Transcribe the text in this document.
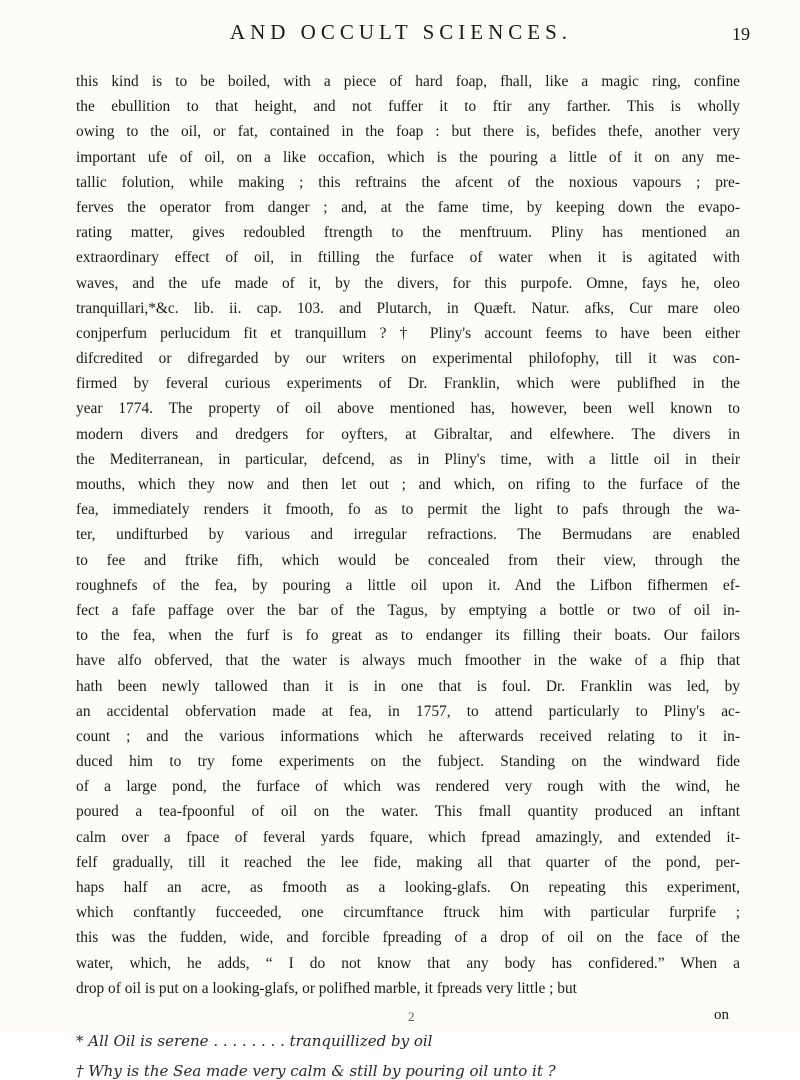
AND OCCULT SCIENCES.	19
this kind is to be boiled, with a piece of hard foap, fhall, like a magic ring, confine
the ebullition to that height, and not fuffer it to ftir any farther. This is wholly
owing to the oil, or fat, contained in the foap : but there is, befides thefe, another very
important ufe of oil, on a like occafion, which is the pouring a little of it on any me-
tallic folution, while making ; this reftrains the afcent of the noxious vapours ; pre-
ferves the operator from danger ; and, at the fame time, by keeping down the evapo-
rating matter, gives redoubled ftrength to the menftruum. Pliny has mentioned an
extraordinary effect of oil, in ftilling the furface of water when it is agitated with
waves, and the ufe made of it, by the divers, for this purpofe. Omne, fays he, oleo
tranquillari,*&c. lib. ii. cap. 103. and Plutarch, in Quæft. Natur. afks, Cur mare oleo
conjperfum perlucidum fit et tranquillum ? † Pliny's account feems to have been either
difcredited or difregarded by our writers on experimental philofophy, till it was con-
firmed by feveral curious experiments of Dr. Franklin, which were publifhed in the
year 1774. The property of oil above mentioned has, however, been well known to
modern divers and dredgers for oyfters, at Gibraltar, and elfewhere. The divers in
the Mediterranean, in particular, defcend, as in Pliny's time, with a little oil in their
mouths, which they now and then let out ; and which, on rifing to the furface of the
fea, immediately renders it fmooth, fo as to permit the light to pafs through the wa-
ter, undifturbed by various and irregular refractions. The Bermudans are enabled
to fee and ftrike fifh, which would be concealed from their view, through the
roughnefs of the fea, by pouring a little oil upon it. And the Lifbon fifhermen ef-
fect a fafe paffage over the bar of the Tagus, by emptying a bottle or two of oil in-
to the fea, when the furf is fo great as to endanger its filling their boats. Our failors
have alfo obferved, that the water is always much fmoother in the wake of a fhip that
hath been newly tallowed than it is in one that is foul. Dr. Franklin was led, by
an accidental obfervation made at fea, in 1757, to attend particularly to Pliny's ac-
count ; and the various informations which he afterwards received relating to it in-
duced him to try fome experiments on the fubject. Standing on the windward fide
of a large pond, the furface of which was rendered very rough with the wind, he
poured a tea-fpoonful of oil on the water. This fmall quantity produced an inftant
calm over a fpace of feveral yards fquare, which fpread amazingly, and extended it-
felf gradually, till it reached the lee fide, making all that quarter of the pond, per-
haps half an acre, as fmooth as a looking-glafs. On repeating this experiment,
which conftantly fucceeded, one circumftance ftruck him with particular furprife ;
this was the fudden, wide, and forcible fpreading of a drop of oil on the face of the
water, which, he adds, “ I do not know that any body has confidered.” When a
drop of oil is put on a looking-glafs, or polifhed marble, it fpreads very little ; but
2	on
* All Oil is serene . . . . . . . . tranquillized by oil
† Why is the Sea made very calm & still by pouring oil unto it ?
